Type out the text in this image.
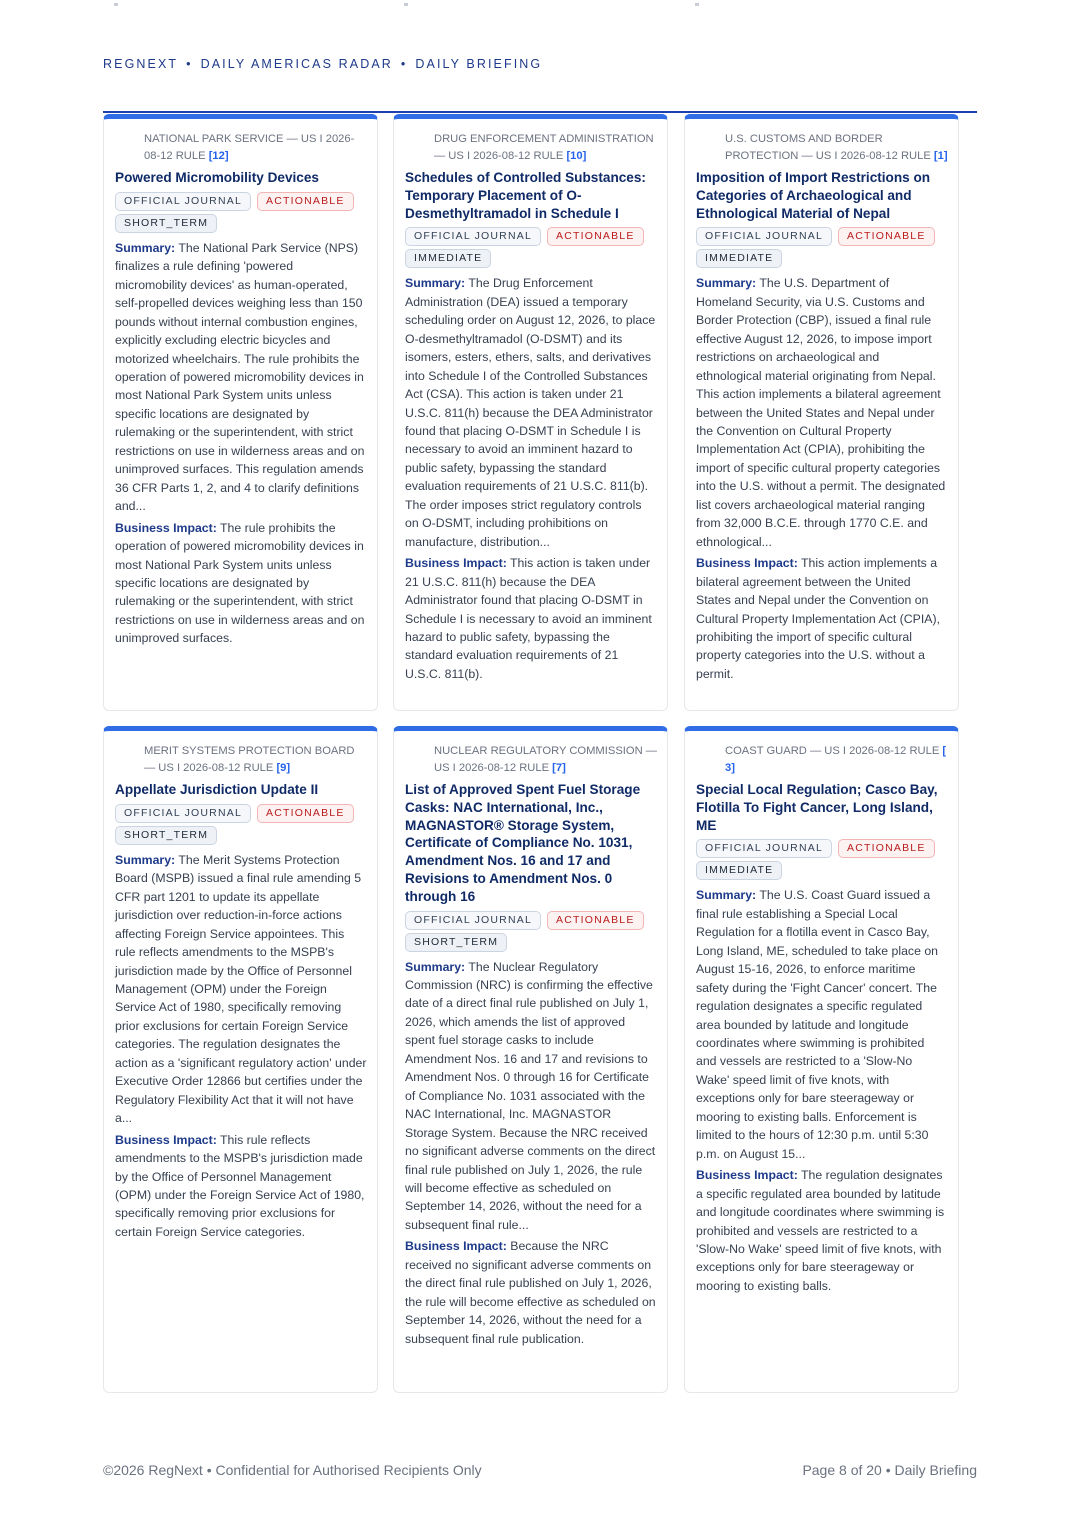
REGNEXT • DAILY AMERICAS RADAR • DAILY BRIEFING
NATIONAL PARK SERVICE — US I 2026-08-12 RULE [12]
Powered Micromobility Devices
OFFICIAL JOURNAL ACTIONABLESHORT_TERM
Summary: The National Park Service (NPS) finalizes a rule defining 'powered micromobility devices' as human-operated, self-propelled devices weighing less than 150 pounds without internal combustion engines, explicitly excluding electric bicycles and motorized wheelchairs. The rule prohibits the operation of powered micromobility devices in most National Park System units unless specific locations are designated by rulemaking or the superintendent, with strict restrictions on use in wilderness areas and on unimproved surfaces. This regulation amends 36 CFR Parts 1, 2, and 4 to clarify definitions and...
Business Impact: The rule prohibits the operation of powered micromobility devices in most National Park System units unless specific locations are designated by rulemaking or the superintendent, with strict restrictions on use in wilderness areas and on unimproved surfaces.
DRUG ENFORCEMENT ADMINISTRATION — US I 2026-08-12 RULE [10]
Schedules of Controlled Substances: Temporary Placement of O-Desmethyltramadol in Schedule I
OFFICIAL JOURNAL ACTIONABLEIMMEDIATE
Summary: The Drug Enforcement Administration (DEA) issued a temporary scheduling order on August 12, 2026, to place O-desmethyltramadol (O-DSMT) and its isomers, esters, ethers, salts, and derivatives into Schedule I of the Controlled Substances Act (CSA). This action is taken under 21 U.S.C. 811(h) because the DEA Administrator found that placing O-DSMT in Schedule I is necessary to avoid an imminent hazard to public safety, bypassing the standard evaluation requirements of 21 U.S.C. 811(b). The order imposes strict regulatory controls on O-DSMT, including prohibitions on manufacture, distribution...
Business Impact: This action is taken under 21 U.S.C. 811(h) because the DEA Administrator found that placing O-DSMT in Schedule I is necessary to avoid an imminent hazard to public safety, bypassing the standard evaluation requirements of 21 U.S.C. 811(b).
U.S. CUSTOMS AND BORDER PROTECTION — US I 2026-08-12 RULE [1]
Imposition of Import Restrictions on Categories of Archaeological and Ethnological Material of Nepal
OFFICIAL JOURNAL ACTIONABLEIMMEDIATE
Summary: The U.S. Department of Homeland Security, via U.S. Customs and Border Protection (CBP), issued a final rule effective August 12, 2026, to impose import restrictions on archaeological and ethnological material originating from Nepal. This action implements a bilateral agreement between the United States and Nepal under the Convention on Cultural Property Implementation Act (CPIA), prohibiting the import of specific cultural property categories into the U.S. without a permit. The designated list covers archaeological material ranging from 32,000 B.C.E. through 1770 C.E. and ethnological...
Business Impact: This action implements a bilateral agreement between the United States and Nepal under the Convention on Cultural Property Implementation Act (CPIA), prohibiting the import of specific cultural property categories into the U.S. without a permit.
MERIT SYSTEMS PROTECTION BOARD — US I 2026-08-12 RULE [9]
Appellate Jurisdiction Update II
OFFICIAL JOURNAL ACTIONABLESHORT_TERM
Summary: The Merit Systems Protection Board (MSPB) issued a final rule amending 5 CFR part 1201 to update its appellate jurisdiction over reduction-in-force actions affecting Foreign Service appointees. This rule reflects amendments to the MSPB's jurisdiction made by the Office of Personnel Management (OPM) under the Foreign Service Act of 1980, specifically removing prior exclusions for certain Foreign Service categories. The regulation designates the action as a 'significant regulatory action' under Executive Order 12866 but certifies under the Regulatory Flexibility Act that it will not have a...
Business Impact: This rule reflects amendments to the MSPB's jurisdiction made by the Office of Personnel Management (OPM) under the Foreign Service Act of 1980, specifically removing prior exclusions for certain Foreign Service categories.
NUCLEAR REGULATORY COMMISSION — US I 2026-08-12 RULE [7]
List of Approved Spent Fuel Storage Casks: NAC International, Inc., MAGNASTOR® Storage System, Certificate of Compliance No. 1031, Amendment Nos. 16 and 17 and Revisions to Amendment Nos. 0 through 16
OFFICIAL JOURNAL ACTIONABLESHORT_TERM
Summary: The Nuclear Regulatory Commission (NRC) is confirming the effective date of a direct final rule published on July 1, 2026, which amends the list of approved spent fuel storage casks to include Amendment Nos. 16 and 17 and revisions to Amendment Nos. 0 through 16 for Certificate of Compliance No. 1031 associated with the NAC International, Inc. MAGNASTOR Storage System. Because the NRC received no significant adverse comments on the direct final rule published on July 1, 2026, the rule will become effective as scheduled on September 14, 2026, without the need for a subsequent final rule...
Business Impact: Because the NRC received no significant adverse comments on the direct final rule published on July 1, 2026, the rule will become effective as scheduled on September 14, 2026, without the need for a subsequent final rule publication.
COAST GUARD — US I 2026-08-12 RULE [ 3]
Special Local Regulation; Casco Bay, Flotilla To Fight Cancer, Long Island, ME
OFFICIAL JOURNAL ACTIONABLEIMMEDIATE
Summary: The U.S. Coast Guard issued a final rule establishing a Special Local Regulation for a flotilla event in Casco Bay, Long Island, ME, scheduled to take place on August 15-16, 2026, to enforce maritime safety during the 'Fight Cancer' concert. The regulation designates a specific regulated area bounded by latitude and longitude coordinates where swimming is prohibited and vessels are restricted to a 'Slow-No Wake' speed limit of five knots, with exceptions only for bare steerageway or mooring to existing balls. Enforcement is limited to the hours of 12:30 p.m. until 5:30 p.m. on August 15...
Business Impact: The regulation designates a specific regulated area bounded by latitude and longitude coordinates where swimming is prohibited and vessels are restricted to a 'Slow-No Wake' speed limit of five knots, with exceptions only for bare steerageway or mooring to existing balls.
©2026 RegNext • Confidential for Authorised Recipients Only	Page 8 of 20 • Daily Briefing
